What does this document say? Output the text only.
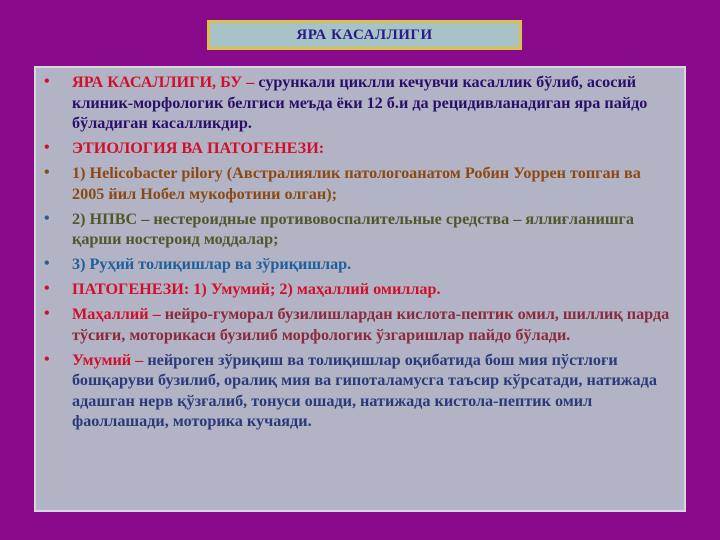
ЯРА КАСАЛЛИГИ
•	ЯРА КАСАЛЛИГИ, БУ – сурункали циклли кечувчи касаллик бўлиб, асосий клиник-морфологик белгиси меъда ёки 12 б.и да рецидивланадиган яра пайдо бўладиган касалликдир.
•	ЭТИОЛОГИЯ ВА ПАТОГЕНЕЗИ:
•	1) Helicobacter pilory (Австралиялик патологоанатом Робин Уоррен топган ва 2005 йил Нобел мукофотини олган);
•	2) НПВС – нестероидные противовоспалительные средства – яллиғланишга қарши ностероид моддалар;
•	3) Руҳий толиқишлар ва зўриқишлар.
•	ПАТОГЕНЕЗИ: 1) Умумий; 2) маҳаллий омиллар.
•	Маҳаллий – нейро-гуморал бузилишлардан кислота-пептик омил, шиллиқ парда тўсиғи, моторикаси бузилиб морфологик ўзгаришлар пайдо бўлади.
•	Умумий – нейроген зўриқиш ва толиқишлар оқибатида бош мия пўстлоғи бошқаруви бузилиб, оралиқ мия ва гипоталамусга таъсир кўрсатади, натижада адашган нерв қўзғалиб, тонуси ошади, натижада кистола-пептик омил фаоллашади, моторика кучаяди.
